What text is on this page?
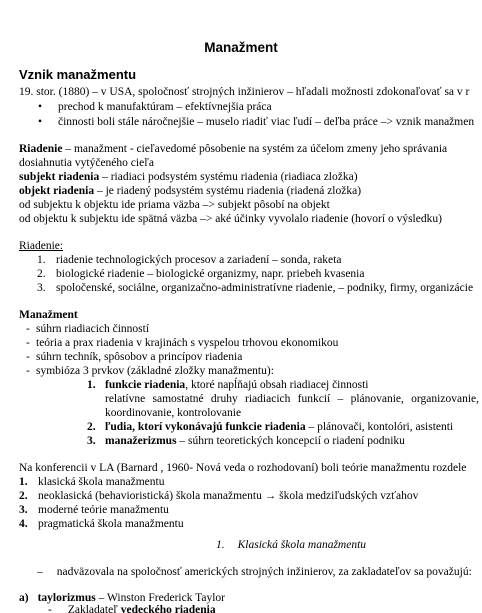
Manažment
Vznik manažmentu
19. stor. (1880) – v USA, spoločnosť strojných inžinierov – hľadali možnosti zdokonaľovať sa v r
• prechod k manufaktúram – efektívnejšia práca
• činnosti boli stále náročnejšie – muselo riadiť viac ľudí – deľba práce –> vznik manažmen
Riadenie – manažment - cieľavedomé pôsobenie na systém za účelom zmeny jeho správania
dosiahnutia vytýčeného cieľa
subjekt riadenia – riadiaci podsystém systému riadenia (riadiaca zložka)
objekt riadenia – je riadený podsystém systému riadenia (riadená zložka)
od subjektu k objektu ide priama väzba –> subjekt pôsobí na objekt
od objektu k subjektu ide spätná väzba –> aké účinky vyvolalo riadenie (hovorí o výsledku)
Riadenie:
1. riadenie technologických procesov a zariadení – sonda, raketa
2. biologické riadenie – biologické organizmy, napr. priebeh kvasenia
3. spoločenské, sociálne, organizačno-administratívne riadenie, – podniky, firmy, organizácie
Manažment
- súhrn riadiacich činností
- teória a prax riadenia v krajinách s vyspelou trhovou ekonomikou
- súhrn techník, spôsobov a princípov riadenia
- symbióza 3 prvkov (základné zložky manažmentu):
1. funkcie riadenia, ktoré napĺňajú obsah riadiacej činnosti
relatívne samostatné druhy riadiacich funkcií – plánovanie, organizovanie,
koordinovanie, kontrolovanie
2. ľudia, ktorí vykonávajú funkcie riadenia – plánovači, kontolóri, asistenti
3. manažerizmus – súhrn teoretických koncepcií o riadení podniku
Na konferencii v LA (Barnard , 1960- Nová veda o rozhodovaní) boli teórie manažmentu rozdele
1. klasická škola manažmentu
2. neoklasická (behavioristická) škola manažmentu → škola medziľudských vzťahov
3. moderné teórie manažmentu
4. pragmatická škola manažmentu
1. Klasická škola manažmentu
– nadväzovala na spoločnosť amerických strojných inžinierov, za zakladateľov sa považujú:
a) taylorizmus – Winston Frederick Taylor
- Zakladateľ vedeckého riadenia
